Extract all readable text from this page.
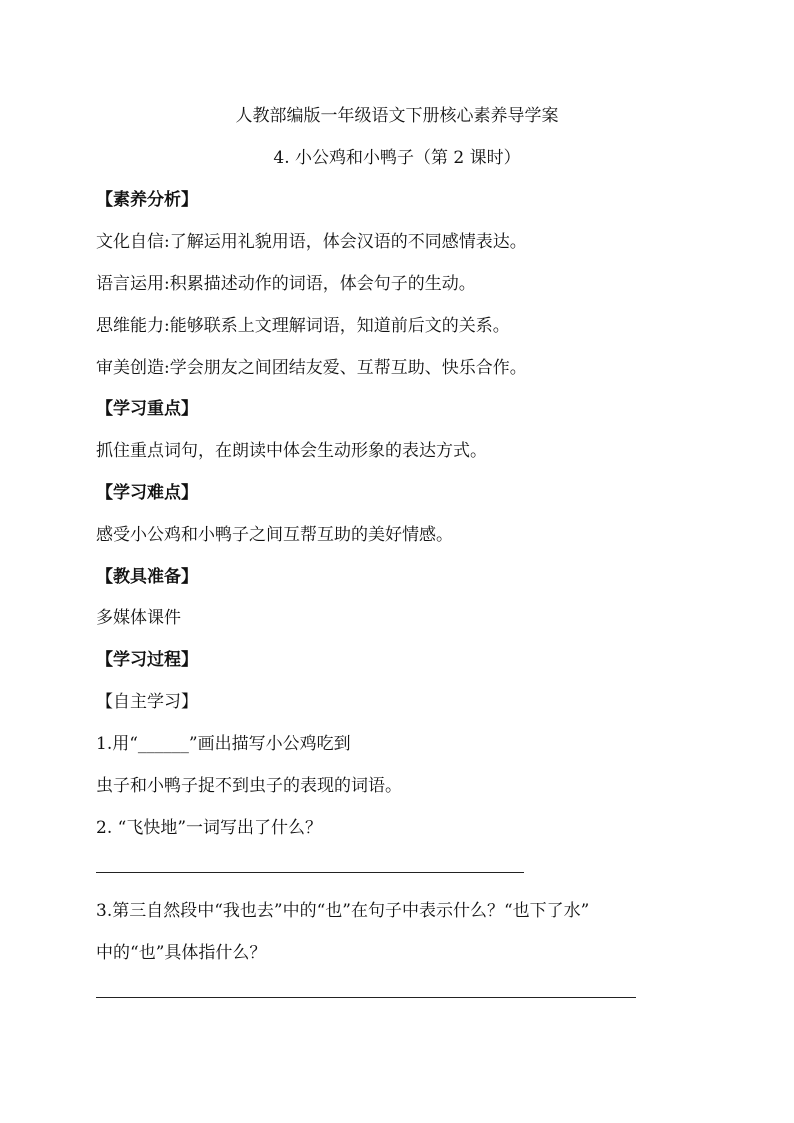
人教部编版一年级语文下册核心素养导学案
4. 小公鸡和小鸭子（第 2 课时）
【素养分析】
文化自信:了解运用礼貌用语，体会汉语的不同感情表达。
语言运用:积累描述动作的词语，体会句子的生动。
思维能力:能够联系上文理解词语，知道前后文的关系。
审美创造:学会朋友之间团结友爱、互帮互助、快乐合作。
【学习重点】
抓住重点词句，在朗读中体会生动形象的表达方式。
【学习难点】
感受小公鸡和小鸭子之间互帮互助的美好情感。
【教具准备】
多媒体课件
【学习过程】
【自主学习】
1.用“______”画出描写小公鸡吃到
虫子和小鸭子捉不到虫子的表现的词语。
2. “飞快地”一词写出了什么？
3.第三自然段中“我也去”中的“也”在句子中表示什么？“也下了水”
中的“也”具体指什么？
